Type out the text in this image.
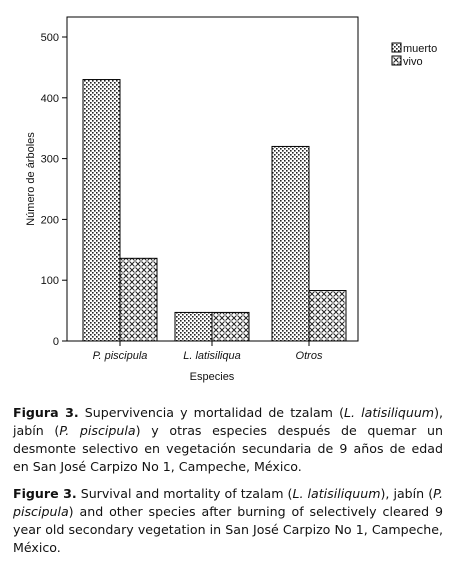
0
100
200
300
400
500
P. piscipula	L. latisiliqua	Otros
Número de árboles
Especies
muerto
vivo
Figura 3. Supervivencia y mortalidad de tzalam (L. latisiliquum), jabín (P. piscipula) y otras especies después de quemar un desmonte selectivo en vegetación secundaria de 9 años de edad en San José Carpizo No 1, Campeche, México.
Figure 3. Survival and mortality of tzalam (L. latisiliquum), jabín (P. piscipula) and other species after burning of selectively cleared 9 year old secondary vegetation in San José Carpizo No 1, Campeche, México.
